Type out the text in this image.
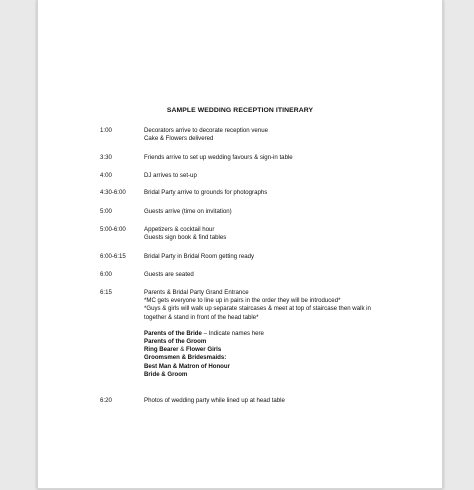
SAMPLE WEDDING RECEPTION ITINERARY
1:00	Decorators arrive to decorate reception venue
Cake & Flowers delivered
3:30	Friends arrive to set up wedding favours & sign-in table
4:00	DJ arrives to set-up
4:30-6:00	Bridal Party arrive to grounds for photographs
5:00	Guests arrive (time on invitation)
5:00-6:00	Appetizers & cocktail hour
Guests sign book & find tables
6:00-6:15	Bridal Party in Bridal Room getting ready
6:00	Guests are seated
6:15	Parents & Bridal Party Grand Entrance
*MC gets everyone to line up in pairs in the order they will be introduced*
*Guys & girls will walk up separate staircases & meet at top of staircase then walk in
together & stand in front of the head table*
Parents of the Bride – Indicate names here
Parents of the Groom
Ring Bearer & Flower Girls
Groomsmen & Bridesmaids:
Best Man & Matron of Honour
Bride & Groom
6:20	Photos of wedding party while lined up at head table
